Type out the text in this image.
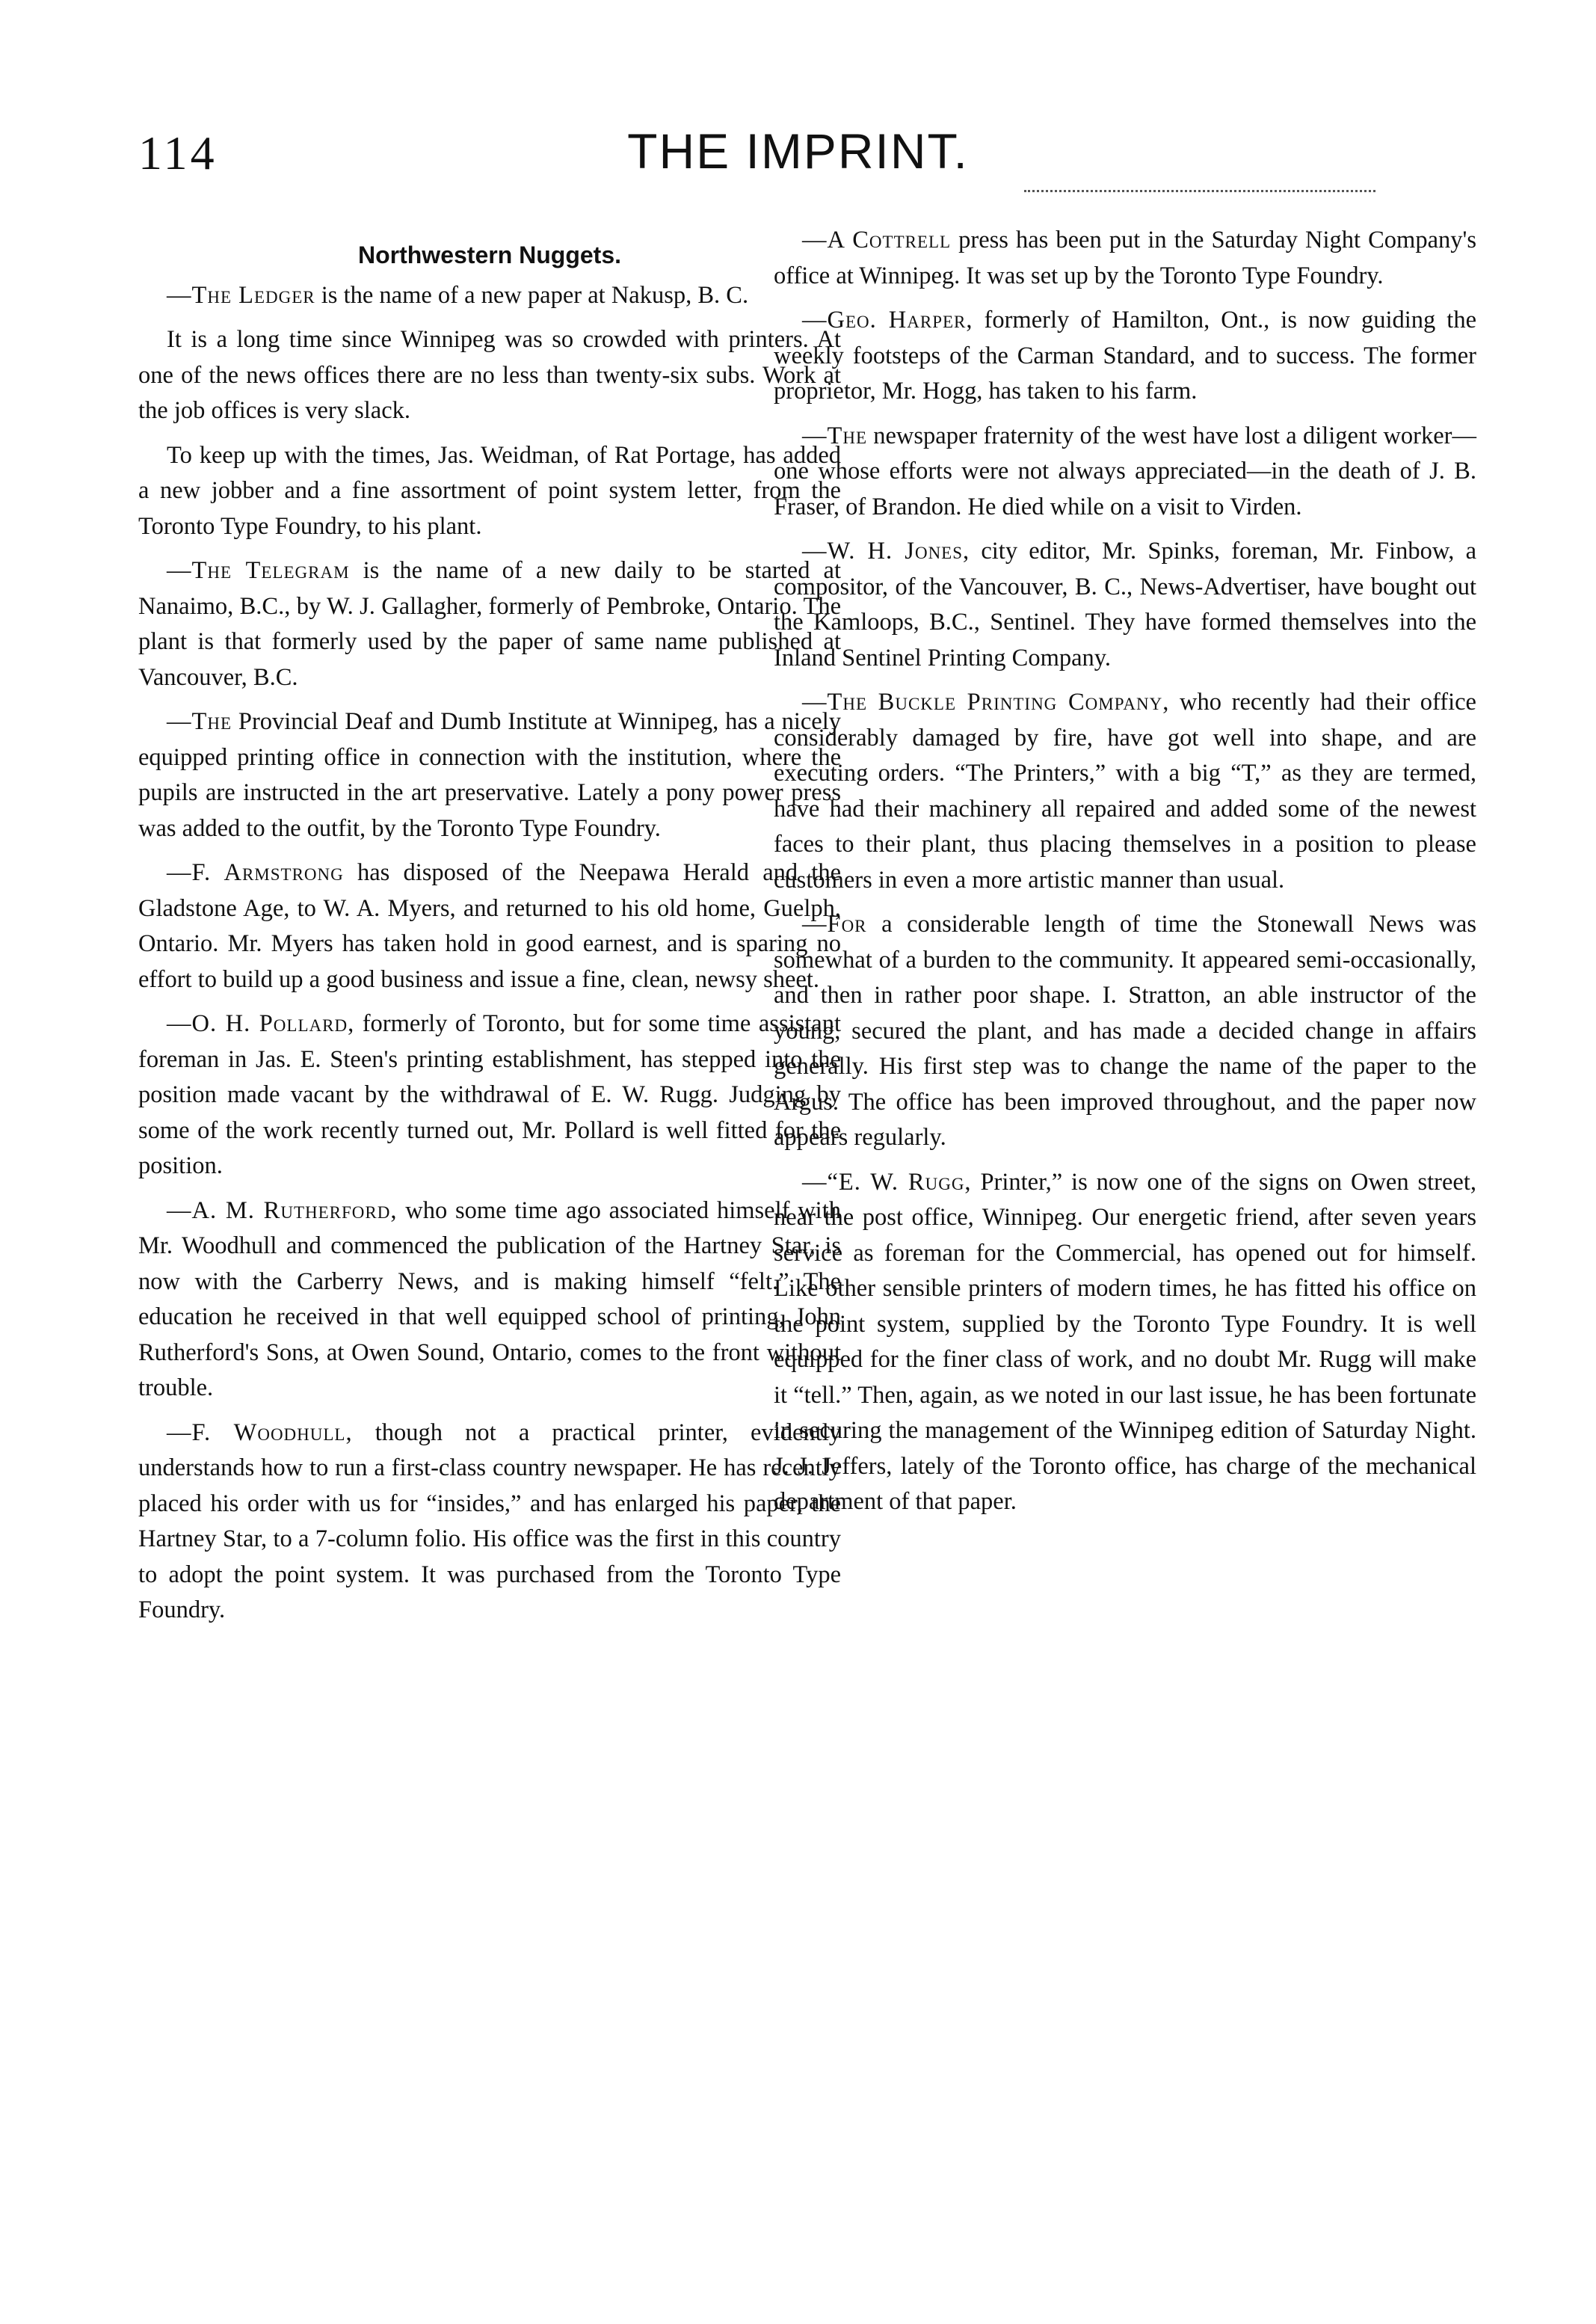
114	THE IMPRINT.
Northwestern Nuggets.

—The Ledger is the name of a new paper at Nakusp, B. C.

It is a long time since Winnipeg was so crowded with printers. At one of the news offices there are no less than twenty-six subs. Work at the job offices is very slack.

To keep up with the times, Jas. Weidman, of Rat Portage, has added a new jobber and a fine assortment of point system letter, from the Toronto Type Foundry, to his plant.

—The Telegram is the name of a new daily to be started at Nanaimo, B.C., by W. J. Gallagher, formerly of Pembroke, Ontario. The plant is that formerly used by the paper of same name published at Vancouver, B.C.

—The Provincial Deaf and Dumb Institute at Winnipeg, has a nicely equipped printing office in connection with the institution, where the pupils are instructed in the art preservative. Lately a pony power press was added to the outfit, by the Toronto Type Foundry.

—F. Armstrong has disposed of the Neepawa Herald and the Gladstone Age, to W. A. Myers, and returned to his old home, Guelph, Ontario. Mr. Myers has taken hold in good earnest, and is sparing no effort to build up a good business and issue a fine, clean, newsy sheet.

—O. H. Pollard, formerly of Toronto, but for some time assistant foreman in Jas. E. Steen's printing establishment, has stepped into the position made vacant by the withdrawal of E. W. Rugg. Judging by some of the work recently turned out, Mr. Pollard is well fitted for the position.

—A. M. Rutherford, who some time ago associated himself with Mr. Woodhull and commenced the publication of the Hartney Star, is now with the Carberry News, and is making himself “felt.” The education he received in that well equipped school of printing, John Rutherford's Sons, at Owen Sound, Ontario, comes to the front without trouble.

—F. Woodhull, though not a practical printer, evidently understands how to run a first-class country newspaper. He has recently placed his order with us for “insides,” and has enlarged his paper, the Hartney Star, to a 7-column folio. His office was the first in this country to adopt the point system. It was purchased from the Toronto Type Foundry.

—A Cottrell press has been put in the Saturday Night Company's office at Winnipeg. It was set up by the Toronto Type Foundry.

—Geo. Harper, formerly of Hamilton, Ont., is now guiding the weekly footsteps of the Carman Standard, and to success. The former proprietor, Mr. Hogg, has taken to his farm.

—The newspaper fraternity of the west have lost a diligent worker—one whose efforts were not always appreciated—in the death of J. B. Fraser, of Brandon. He died while on a visit to Virden.

—W. H. Jones, city editor, Mr. Spinks, foreman, Mr. Finbow, a compositor, of the Vancouver, B. C., News-Advertiser, have bought out the Kamloops, B.C., Sentinel. They have formed themselves into the Inland Sentinel Printing Company.

—The Buckle Printing Company, who recently had their office considerably damaged by fire, have got well into shape, and are executing orders. “The Printers,” with a big “T,” as they are termed, have had their machinery all repaired and added some of the newest faces to their plant, thus placing themselves in a position to please customers in even a more artistic manner than usual.

—For a considerable length of time the Stonewall News was somewhat of a burden to the community. It appeared semi-occasionally, and then in rather poor shape. I. Stratton, an able instructor of the young, secured the plant, and has made a decided change in affairs generally. His first step was to change the name of the paper to the Argus. The office has been improved throughout, and the paper now appears regularly.

—“E. W. Rugg, Printer,” is now one of the signs on Owen street, near the post office, Winnipeg. Our energetic friend, after seven years service as foreman for the Commercial, has opened out for himself. Like other sensible printers of modern times, he has fitted his office on the point system, supplied by the Toronto Type Foundry. It is well equipped for the finer class of work, and no doubt Mr. Rugg will make it “tell.” Then, again, as we noted in our last issue, he has been fortunate in securing the management of the Winnipeg edition of Saturday Night. J. J. Jeffers, lately of the Toronto office, has charge of the mechanical department of that paper.
